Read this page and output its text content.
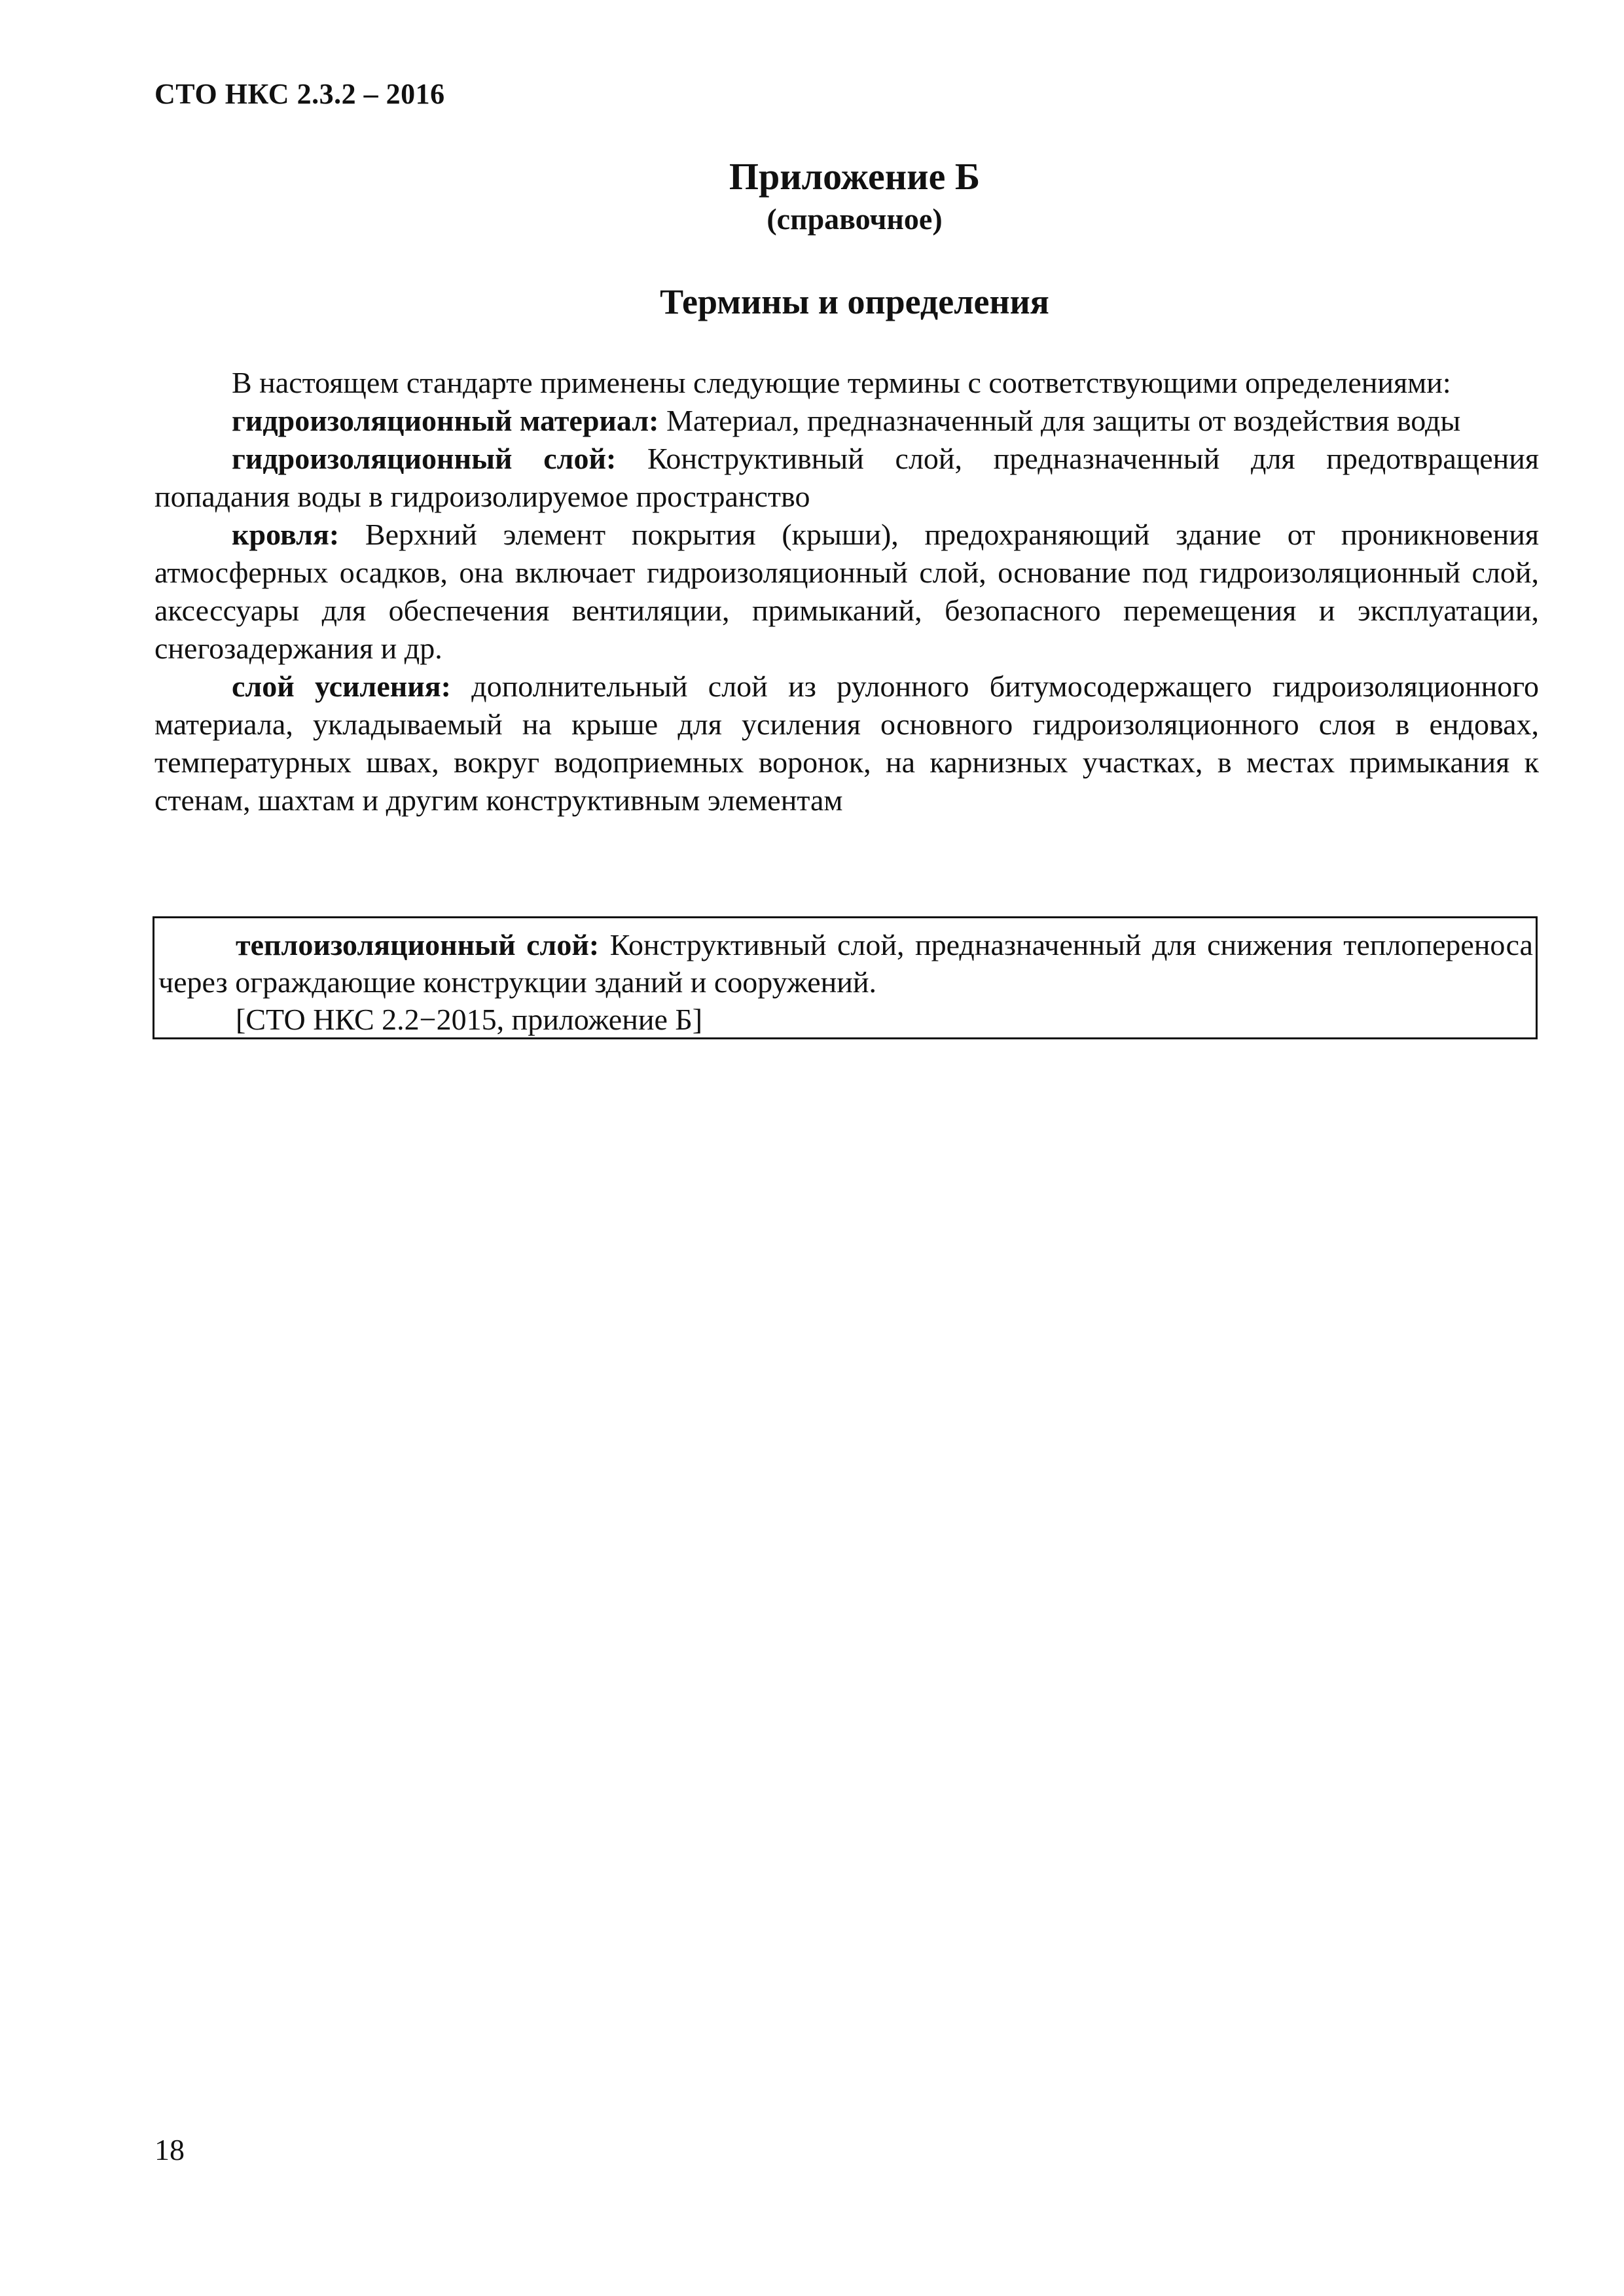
СТО НКС 2.3.2 – 2016
Приложение Б
(справочное)
Термины и определения

В настоящем стандарте применены следующие термины с соответствующими определениями:

гидроизоляционный материал: Материал, предназначенный для защиты от воздействия воды

гидроизоляционный слой: Конструктивный слой, предназначенный для предотвращения попадания воды в гидроизолируемое пространство

кровля: Верхний элемент покрытия (крыши), предохраняющий здание от проникновения атмосферных осадков, она включает гидроизоляционный слой, основание под гидроизоляционный слой, аксессуары для обеспечения вентиляции, примыканий, безопасного перемещения и эксплуатации, снегозадержания и др.

слой усиления: дополнительный слой из рулонного битумосодержащего гидроизоляционного материала, укладываемый на крыше для усиления основного гидроизоляционного слоя в ендовах, температурных швах, вокруг водоприемных воронок, на карнизных участках, в местах примыкания к стенам, шахтам и другим конструктивным элементам

теплоизоляционный слой: Конструктивный слой, предназначенный для снижения теплопереноса через ограждающие конструкции зданий и сооружений.

[СТО НКС 2.2−2015, приложение Б]

18
